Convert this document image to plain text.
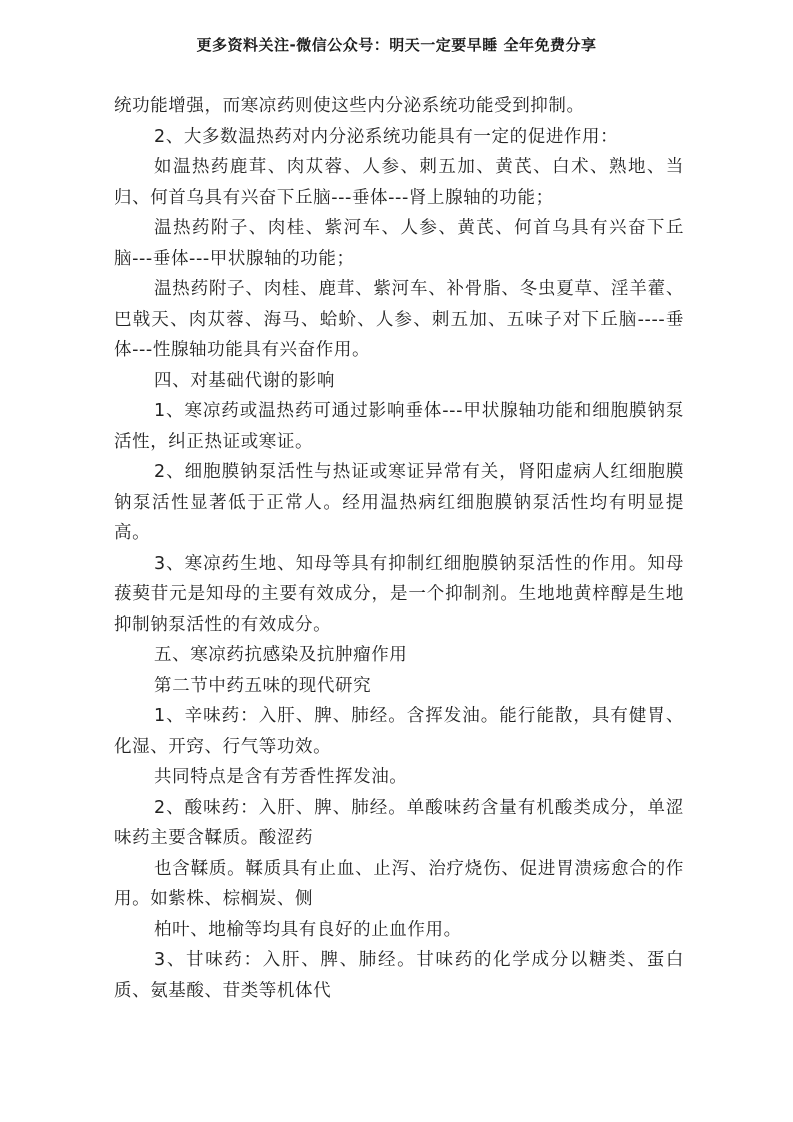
更多资料关注-微信公众号：明天一定要早睡 全年免费分享

统功能增强，而寒凉药则使这些内分泌系统功能受到抑制。

2、大多数温热药对内分泌系统功能具有一定的促进作用：

如温热药鹿茸、肉苁蓉、人参、刺五加、黄芪、白术、熟地、当归、何首乌具有兴奋下丘脑---垂体---肾上腺轴的功能；

温热药附子、肉桂、紫河车、人参、黄芪、何首乌具有兴奋下丘脑---垂体---甲状腺轴的功能；

温热药附子、肉桂、鹿茸、紫河车、补骨脂、冬虫夏草、淫羊藿、巴戟天、肉苁蓉、海马、蛤蚧、人参、刺五加、五味子对下丘脑----垂体---性腺轴功能具有兴奋作用。

四、对基础代谢的影响

1、寒凉药或温热药可通过影响垂体---甲状腺轴功能和细胞膜钠泵活性，纠正热证或寒证。

2、细胞膜钠泵活性与热证或寒证异常有关，肾阳虚病人红细胞膜钠泵活性显著低于正常人。经用温热病红细胞膜钠泵活性均有明显提高。

3、寒凉药生地、知母等具有抑制红细胞膜钠泵活性的作用。知母菝葜苷元是知母的主要有效成分，是一个抑制剂。生地地黄梓醇是生地抑制钠泵活性的有效成分。

五、寒凉药抗感染及抗肿瘤作用

第二节中药五味的现代研究

1、辛味药：入肝、脾、肺经。含挥发油。能行能散，具有健胃、化湿、开窍、行气等功效。

共同特点是含有芳香性挥发油。

2、酸味药：入肝、脾、肺经。单酸味药含量有机酸类成分，单涩味药主要含鞣质。酸涩药

也含鞣质。鞣质具有止血、止泻、治疗烧伤、促进胃溃疡愈合的作用。如紫株、棕榈炭、侧

柏叶、地榆等均具有良好的止血作用。

3、甘味药：入肝、脾、肺经。甘味药的化学成分以糖类、蛋白质、氨基酸、苷类等机体代
